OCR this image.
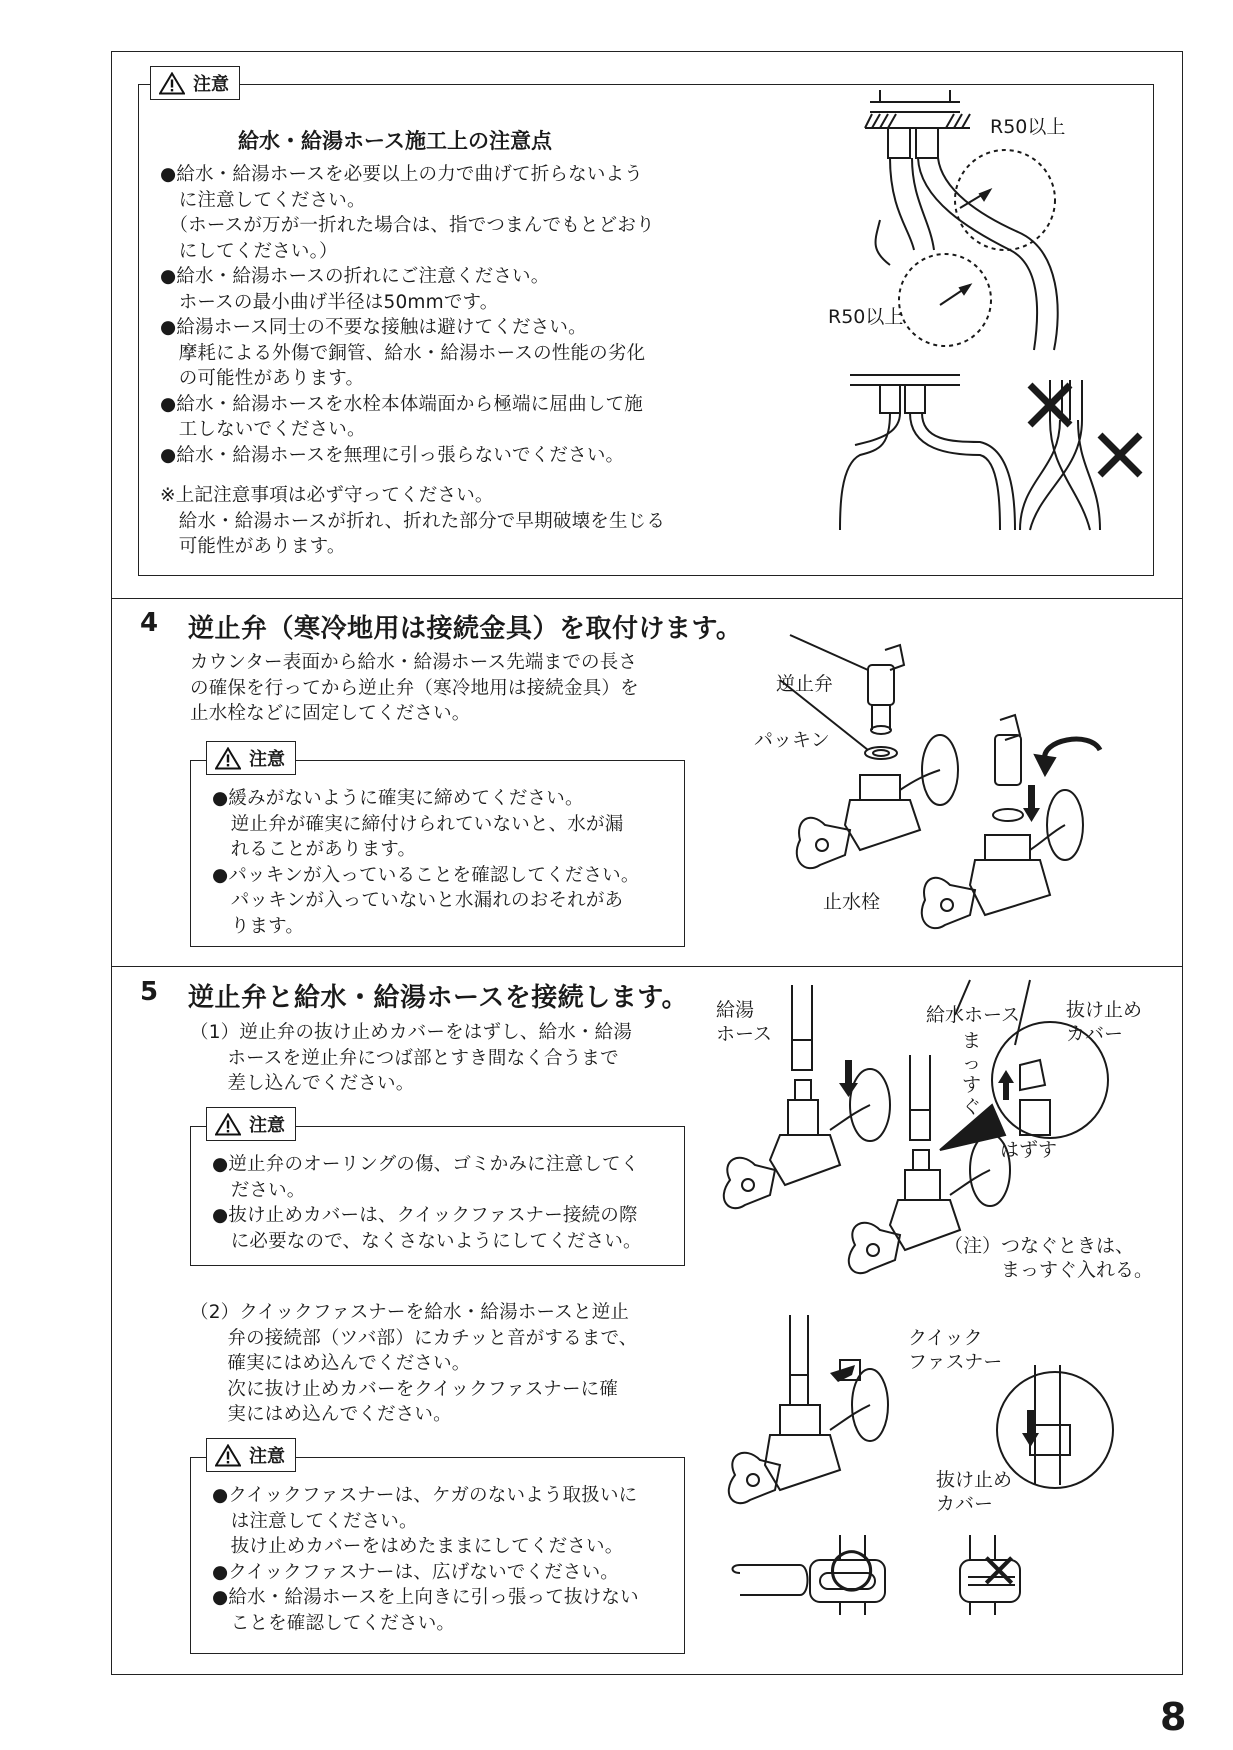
注意
給水・給湯ホース施工上の注意点
●給水・給湯ホースを必要以上の力で曲げて折らないよう
　に注意してください。
　（ホースが万が一折れた場合は、指でつまんでもとどおり
　にしてください。）
●給水・給湯ホースの折れにご注意ください。
　ホースの最小曲げ半径は50mmです。
●給湯ホース同士の不要な接触は避けてください。
　摩耗による外傷で銅管、給水・給湯ホースの性能の劣化
　の可能性があります。
●給水・給湯ホースを水栓本体端面から極端に屈曲して施
　工しないでください。
●給水・給湯ホースを無理に引っ張らないでください。
※上記注意事項は必ず守ってください。
　給水・給湯ホースが折れ、折れた部分で早期破壊を生じる
　可能性があります。
R50以上
R50以上
4 逆止弁（寒冷地用は接続金具）を取付けます。
カウンター表面から給水・給湯ホース先端までの長さ
の確保を行ってから逆止弁（寒冷地用は接続金具）を
止水栓などに固定してください。
注意
●緩みがないように確実に締めてください。
　逆止弁が確実に締付けられていないと、水が漏
　れることがあります。
●パッキンが入っていることを確認してください。
　パッキンが入っていないと水漏れのおそれがあ
　ります。
逆止弁
パッキン
止水栓
5 逆止弁と給水・給湯ホースを接続します。
（1）逆止弁の抜け止めカバーをはずし、給水・給湯
　　ホースを逆止弁につば部とすき間なく合うまで
　　差し込んでください。
注意
●逆止弁のオーリングの傷、ゴミかみに注意してく
　ださい。
●抜け止めカバーは、クイックファスナー接続の際
　に必要なので、なくさないようにしてください。
（2）クイックファスナーを給水・給湯ホースと逆止
　　弁の接続部（ツバ部）にカチッと音がするまで、
　　確実にはめ込んでください。
　　次に抜け止めカバーをクイックファスナーに確
　　実にはめ込んでください。
注意
●クイックファスナーは、ケガのないよう取扱いに
　は注意してください。
　抜け止めカバーをはめたままにしてください。
●クイックファスナーは、広げないでください。
●給水・給湯ホースを上向きに引っ張って抜けない
　ことを確認してください。
給湯
ホース
給水ホース
ま
っ
す
ぐ
抜け止め
カバー
はずす
（注）つなぐときは、
　　　まっすぐ入れる。
クイック
ファスナー
抜け止め
カバー
○ ×
8
